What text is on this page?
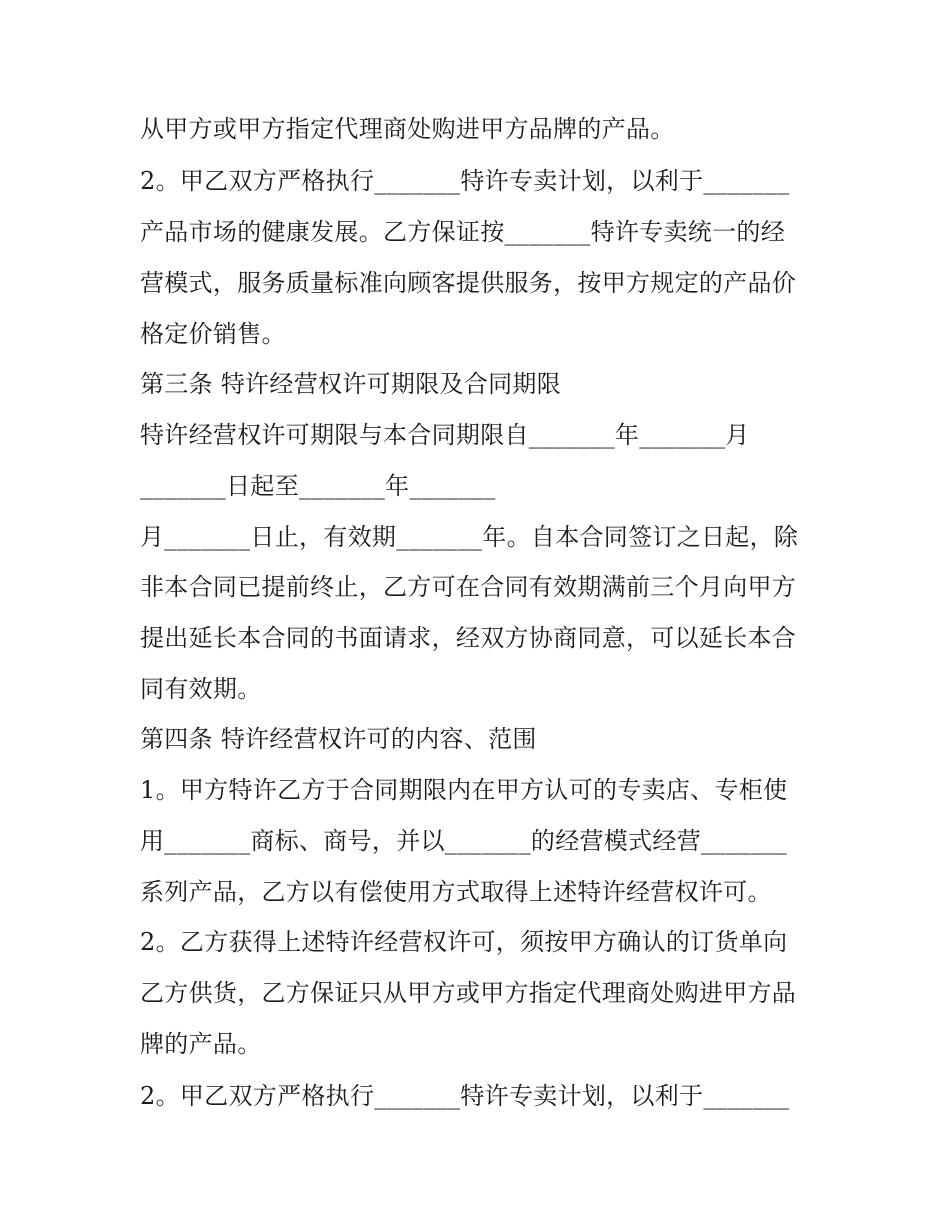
从甲方或甲方指定代理商处购进甲方品牌的产品。

2。甲乙双方严格执行_______特许专卖计划，以利于_______

产品市场的健康发展。乙方保证按_______特许专卖统一的经

营模式，服务质量标准向顾客提供服务，按甲方规定的产品价

格定价销售。

第三条 特许经营权许可期限及合同期限

特许经营权许可期限与本合同期限自_______年_______月

_______日起至_______年_______

月_______日止，有效期_______年。自本合同签订之日起，除

非本合同已提前终止，乙方可在合同有效期满前三个月向甲方

提出延长本合同的书面请求，经双方协商同意，可以延长本合

同有效期。

第四条 特许经营权许可的内容、范围

1。甲方特许乙方于合同期限内在甲方认可的专卖店、专柜使

用_______商标、商号，并以_______的经营模式经营_______

系列产品，乙方以有偿使用方式取得上述特许经营权许可。

2。乙方获得上述特许经营权许可，须按甲方确认的订货单向

乙方供货，乙方保证只从甲方或甲方指定代理商处购进甲方品

牌的产品。

2。甲乙双方严格执行_______特许专卖计划，以利于_______
